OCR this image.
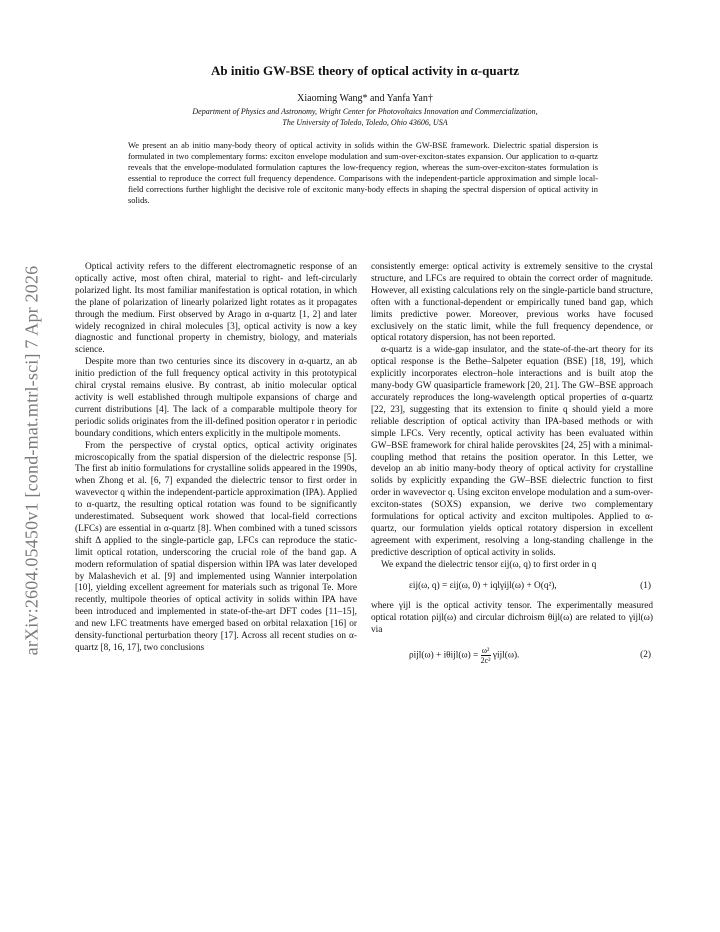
arXiv:2604.05450v1 [cond-mat.mtrl-sci] 7 Apr 2026
Ab initio GW-BSE theory of optical activity in α-quartz
Xiaoming Wang* and Yanfa Yan†
Department of Physics and Astronomy, Wright Center for Photovoltaics Innovation and Commercialization,
The University of Toledo, Toledo, Ohio 43606, USA
We present an ab initio many-body theory of optical activity in solids within the GW-BSE framework. Dielectric spatial dispersion is formulated in two complementary forms: exciton envelope modulation and sum-over-exciton-states expansion. Our application to α-quartz reveals that the envelope-modulated formulation captures the low-frequency region, whereas the sum-over-exciton-states formulation is essential to reproduce the correct full frequency dependence. Comparisons with the independent-particle approximation and simple local-field corrections further highlight the decisive role of excitonic many-body effects in shaping the spectral dispersion of optical activity in solids.

Optical activity refers to the different electromagnetic response of an optically active, most often chiral, material to right- and left-circularly polarized light. Its most familiar manifestation is optical rotation, in which the plane of polarization of linearly polarized light rotates as it propagates through the medium. First observed by Arago in α-quartz [1, 2] and later widely recognized in chiral molecules [3], optical activity is now a key diagnostic and functional property in chemistry, biology, and materials science.

Despite more than two centuries since its discovery in α-quartz, an ab initio prediction of the full frequency optical activity in this prototypical chiral crystal remains elusive. By contrast, ab initio molecular optical activity is well established through multipole expansions of charge and current distributions [4]. The lack of a comparable multipole theory for periodic solids originates from the ill-defined position operator r in periodic boundary conditions, which enters explicitly in the multipole moments.

From the perspective of crystal optics, optical activity originates microscopically from the spatial dispersion of the dielectric response [5]. The first ab initio formulations for crystalline solids appeared in the 1990s, when Zhong et al. [6, 7] expanded the dielectric tensor to first order in wavevector q within the independent-particle approximation (IPA). Applied to α-quartz, the resulting optical rotation was found to be significantly underestimated. Subsequent work showed that local-field corrections (LFCs) are essential in α-quartz [8]. When combined with a tuned scissors shift Δ applied to the single-particle gap, LFCs can reproduce the static-limit optical rotation, underscoring the crucial role of the band gap. A modern reformulation of spatial dispersion within IPA was later developed by Malashevich et al. [9] and implemented using Wannier interpolation [10], yielding excellent agreement for materials such as trigonal Te. More recently, multipole theories of optical activity in solids within IPA have been introduced and implemented in state-of-the-art DFT codes [11–15], and new LFC treatments have emerged based on orbital relaxation [16] or density-functional perturbation theory [17]. Across all recent studies on α-quartz [8, 16, 17], two conclusions

consistently emerge: optical activity is extremely sensitive to the crystal structure, and LFCs are required to obtain the correct order of magnitude. However, all existing calculations rely on the single-particle band structure, often with a functional-dependent or empirically tuned band gap, which limits predictive power. Moreover, previous works have focused exclusively on the static limit, while the full frequency dependence, or optical rotatory dispersion, has not been reported.

α-quartz is a wide-gap insulator, and the state-of-the-art theory for its optical response is the Bethe–Salpeter equation (BSE) [18, 19], which explicitly incorporates electron–hole interactions and is built atop the many-body GW quasiparticle framework [20, 21]. The GW–BSE approach accurately reproduces the long-wavelength optical properties of α-quartz [22, 23], suggesting that its extension to finite q should yield a more reliable description of optical activity than IPA-based methods or with simple LFCs. Very recently, optical activity has been evaluated within GW–BSE framework for chiral halide perovskites [24, 25] with a minimal-coupling method that retains the position operator. In this Letter, we develop an ab initio many-body theory of optical activity for crystalline solids by explicitly expanding the GW–BSE dielectric function to first order in wavevector q. Using exciton envelope modulation and a sum-over-exciton-states (SOXS) expansion, we derive two complementary formulations for optical activity and exciton multipoles. Applied to α-quartz, our formulation yields optical rotatory dispersion in excellent agreement with experiment, resolving a long-standing challenge in the predictive description of optical activity in solids.

We expand the dielectric tensor εij(ω, q) to first order in q

εij(ω, q) = εij(ω, 0) + iqlγijl(ω) + O(q²),	(1)

where γijl is the optical activity tensor. The experimentally measured optical rotation ρijl(ω) and circular dichroism θijl(ω) are related to γijl(ω) via

$\rho ijl(\omega) + i\theta ijl(\omega) = \frac{\text{ω²}}{\text{2c²}} \gamma ijl(\omega)$.	(2)
